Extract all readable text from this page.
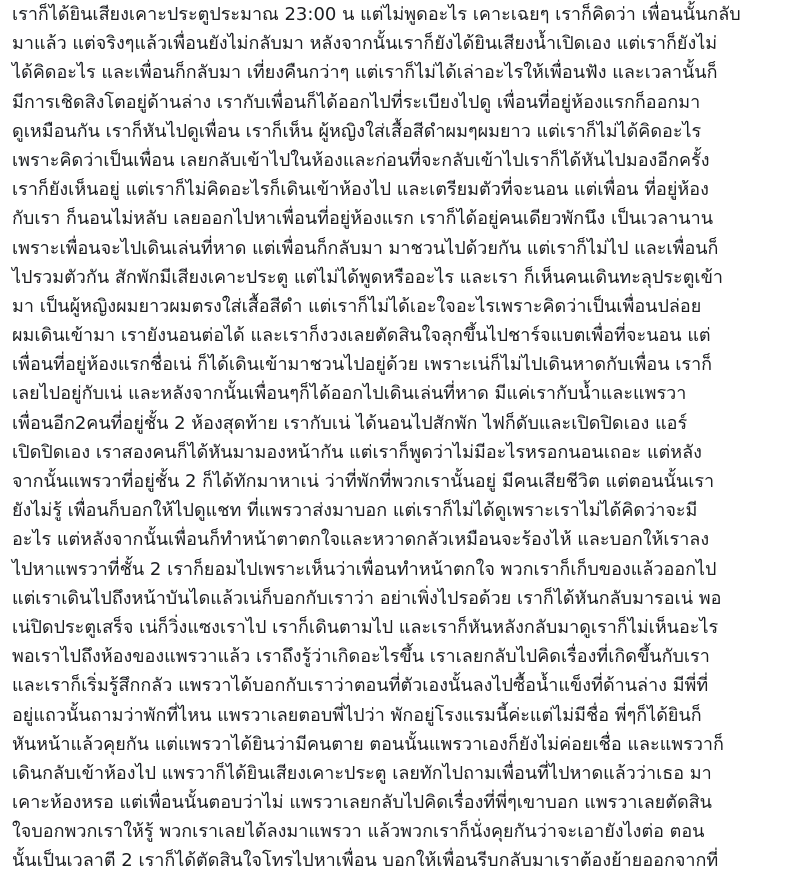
เราก็ได้ยินเสียงเคาะประตูประมาณ 23:00 น แต่ไม่พูดอะไร เคาะเฉยๆ เราก็คิดว่า เพื่อนนั้นกลับ
มาแล้ว แต่จริงๆแล้วเพื่อนยังไม่กลับมา หลังจากนั้นเราก็ยังได้ยินเสียงน้ำเปิดเอง แต่เราก็ยังไม่
ได้คิดอะไร และเพื่อนก็กลับมา เที่ยงคืนกว่าๆ แต่เราก็ไม่ได้เล่าอะไรให้เพื่อนฟัง และเวลานั้นก็
มีการเชิดสิงโตอยู่ด้านล่าง เรากับเพื่อนก็ได้ออกไปที่ระเบียงไปดู เพื่อนที่อยู่ห้องแรกก็ออกมา
ดูเหมือนกัน เราก็หันไปดูเพื่อน เราก็เห็น ผู้หญิงใส่เสื้อสีดำผมๆผมยาว แต่เราก็ไม่ได้คิดอะไร
เพราะคิดว่าเป็นเพื่อน เลยกลับเข้าไปในห้องและก่อนที่จะกลับเข้าไปเราก็ได้หันไปมองอีกครั้ง
เราก็ยังเห็นอยู่ แต่เราก็ไม่คิดอะไรก็เดินเข้าห้องไป และเตรียมตัวที่จะนอน แต่เพื่อน ที่อยู่ห้อง
กับเรา ก็นอนไม่หลับ เลยออกไปหาเพื่อนที่อยู่ห้องแรก เราก็ได้อยู่คนเดียวพักนึง เป็นเวลานาน
เพราะเพื่อนจะไปเดินเล่นที่หาด แต่เพื่อนก็กลับมา มาชวนไปด้วยกัน แต่เราก็ไม่ไป และเพื่อนก็
ไปรวมตัวกัน สักพักมีเสียงเคาะประตู แต่ไม่ได้พูดหรืออะไร และเรา ก็เห็นคนเดินทะลุประตูเข้า
มา เป็นผู้หญิงผมยาวผมตรงใส่เสื้อสีดำ แต่เราก็ไม่ได้เอะใจอะไรเพราะคิดว่าเป็นเพื่อนปล่อย
ผมเดินเข้ามา เรายังนอนต่อได้ และเราก็งวงเลยตัดสินใจลุกขึ้นไปชาร์จแบตเพื่อที่จะนอน แต่
เพื่อนที่อยู่ห้องแรกชื่อเน่ ก็ได้เดินเข้ามาชวนไปอยู่ด้วย เพราะเน่ก็ไม่ไปเดินหาดกับเพื่อน เราก็
เลยไปอยู่กับเน่ และหลังจากนั้นเพื่อนๆก็ได้ออกไปเดินเล่นที่หาด มีแค่เรากับน้ำและแพรวา
เพื่อนอีก2คนที่อยู่ชั้น 2 ห้องสุดท้าย เรากับเน่ ได้นอนไปสักพัก ไฟก็ดับและเปิดปิดเอง แอร์
เปิดปิดเอง เราสองคนก็ได้หันมามองหน้ากัน แต่เราก็พูดว่าไม่มีอะไรหรอกนอนเถอะ แต่หลัง
จากนั้นแพรวาที่อยู่ชั้น 2 ก็ได้ทักมาหาเน่ ว่าที่พักที่พวกเรานั้นอยู่ มีคนเสียชีวิต แต่ตอนนั้นเรา
ยังไม่รู้ เพื่อนก็บอกให้ไปดูแชท ที่แพรวาส่งมาบอก แต่เราก็ไม่ได้ดูเพราะเราไม่ได้คิดว่าจะมี
อะไร แต่หลังจากนั้นเพื่อนก็ทำหน้าตาตกใจและหวาดกลัวเหมือนจะร้องไห้ และบอกให้เราลง
ไปหาแพรวาที่ชั้น 2 เราก็ยอมไปเพราะเห็นว่าเพื่อนทำหน้าตกใจ พวกเราก็เก็บของแล้วออกไป
แต่เราเดินไปถึงหน้าบันไดแล้วเน่ก็บอกกับเราว่า อย่าเพิ่งไปรอด้วย เราก็ได้หันกลับมารอเน่ พอ
เน่ปิดประตูเสร็จ เน่ก็วิ่งแซงเราไป เราก็เดินตามไป และเราก็หันหลังกลับมาดูเราก็ไม่เห็นอะไร
พอเราไปถึงห้องของแพรวาแล้ว เราถึงรู้ว่าเกิดอะไรขึ้น เราเลยกลับไปคิดเรื่องที่เกิดขึ้นกับเรา
และเราก็เริ่มรู้สึกกลัว แพรวาได้บอกกับเราว่าตอนที่ตัวเองนั้นลงไปซื้อน้ำแข็งที่ด้านล่าง มีพี่ที่
อยู่แถวนั้นถามว่าพักที่ไหน แพรวาเลยตอบพี่ไปว่า พักอยู่โรงแรมนี้ค่ะแต่ไม่มีชื่อ พี่ๆก็ได้ยินก็
หันหน้าแล้วคุยกัน แต่แพรวาได้ยินว่ามีคนตาย ตอนนั้นแพรวาเองก็ยังไม่ค่อยเชื่อ และแพรวาก็
เดินกลับเข้าห้องไป แพรวาก็ได้ยินเสียงเคาะประตู เลยทักไปถามเพื่อนที่ไปหาดแล้วว่าเธอ มา
เคาะห้องหรอ แต่เพื่อนนั้นตอบว่าไม่ แพรวาเลยกลับไปคิดเรื่องที่พี่ๆเขาบอก แพรวาเลยตัดสิน
ใจบอกพวกเราให้รู้ พวกเราเลยได้ลงมาแพรวา แล้วพวกเราก็นั่งคุยกันว่าจะเอายังไงต่อ ตอน
นั้นเป็นเวลาตี 2 เราก็ได้ตัดสินใจโทรไปหาเพื่อน บอกให้เพื่อนรีบกลับมาเราต้องย้ายออกจากที่
